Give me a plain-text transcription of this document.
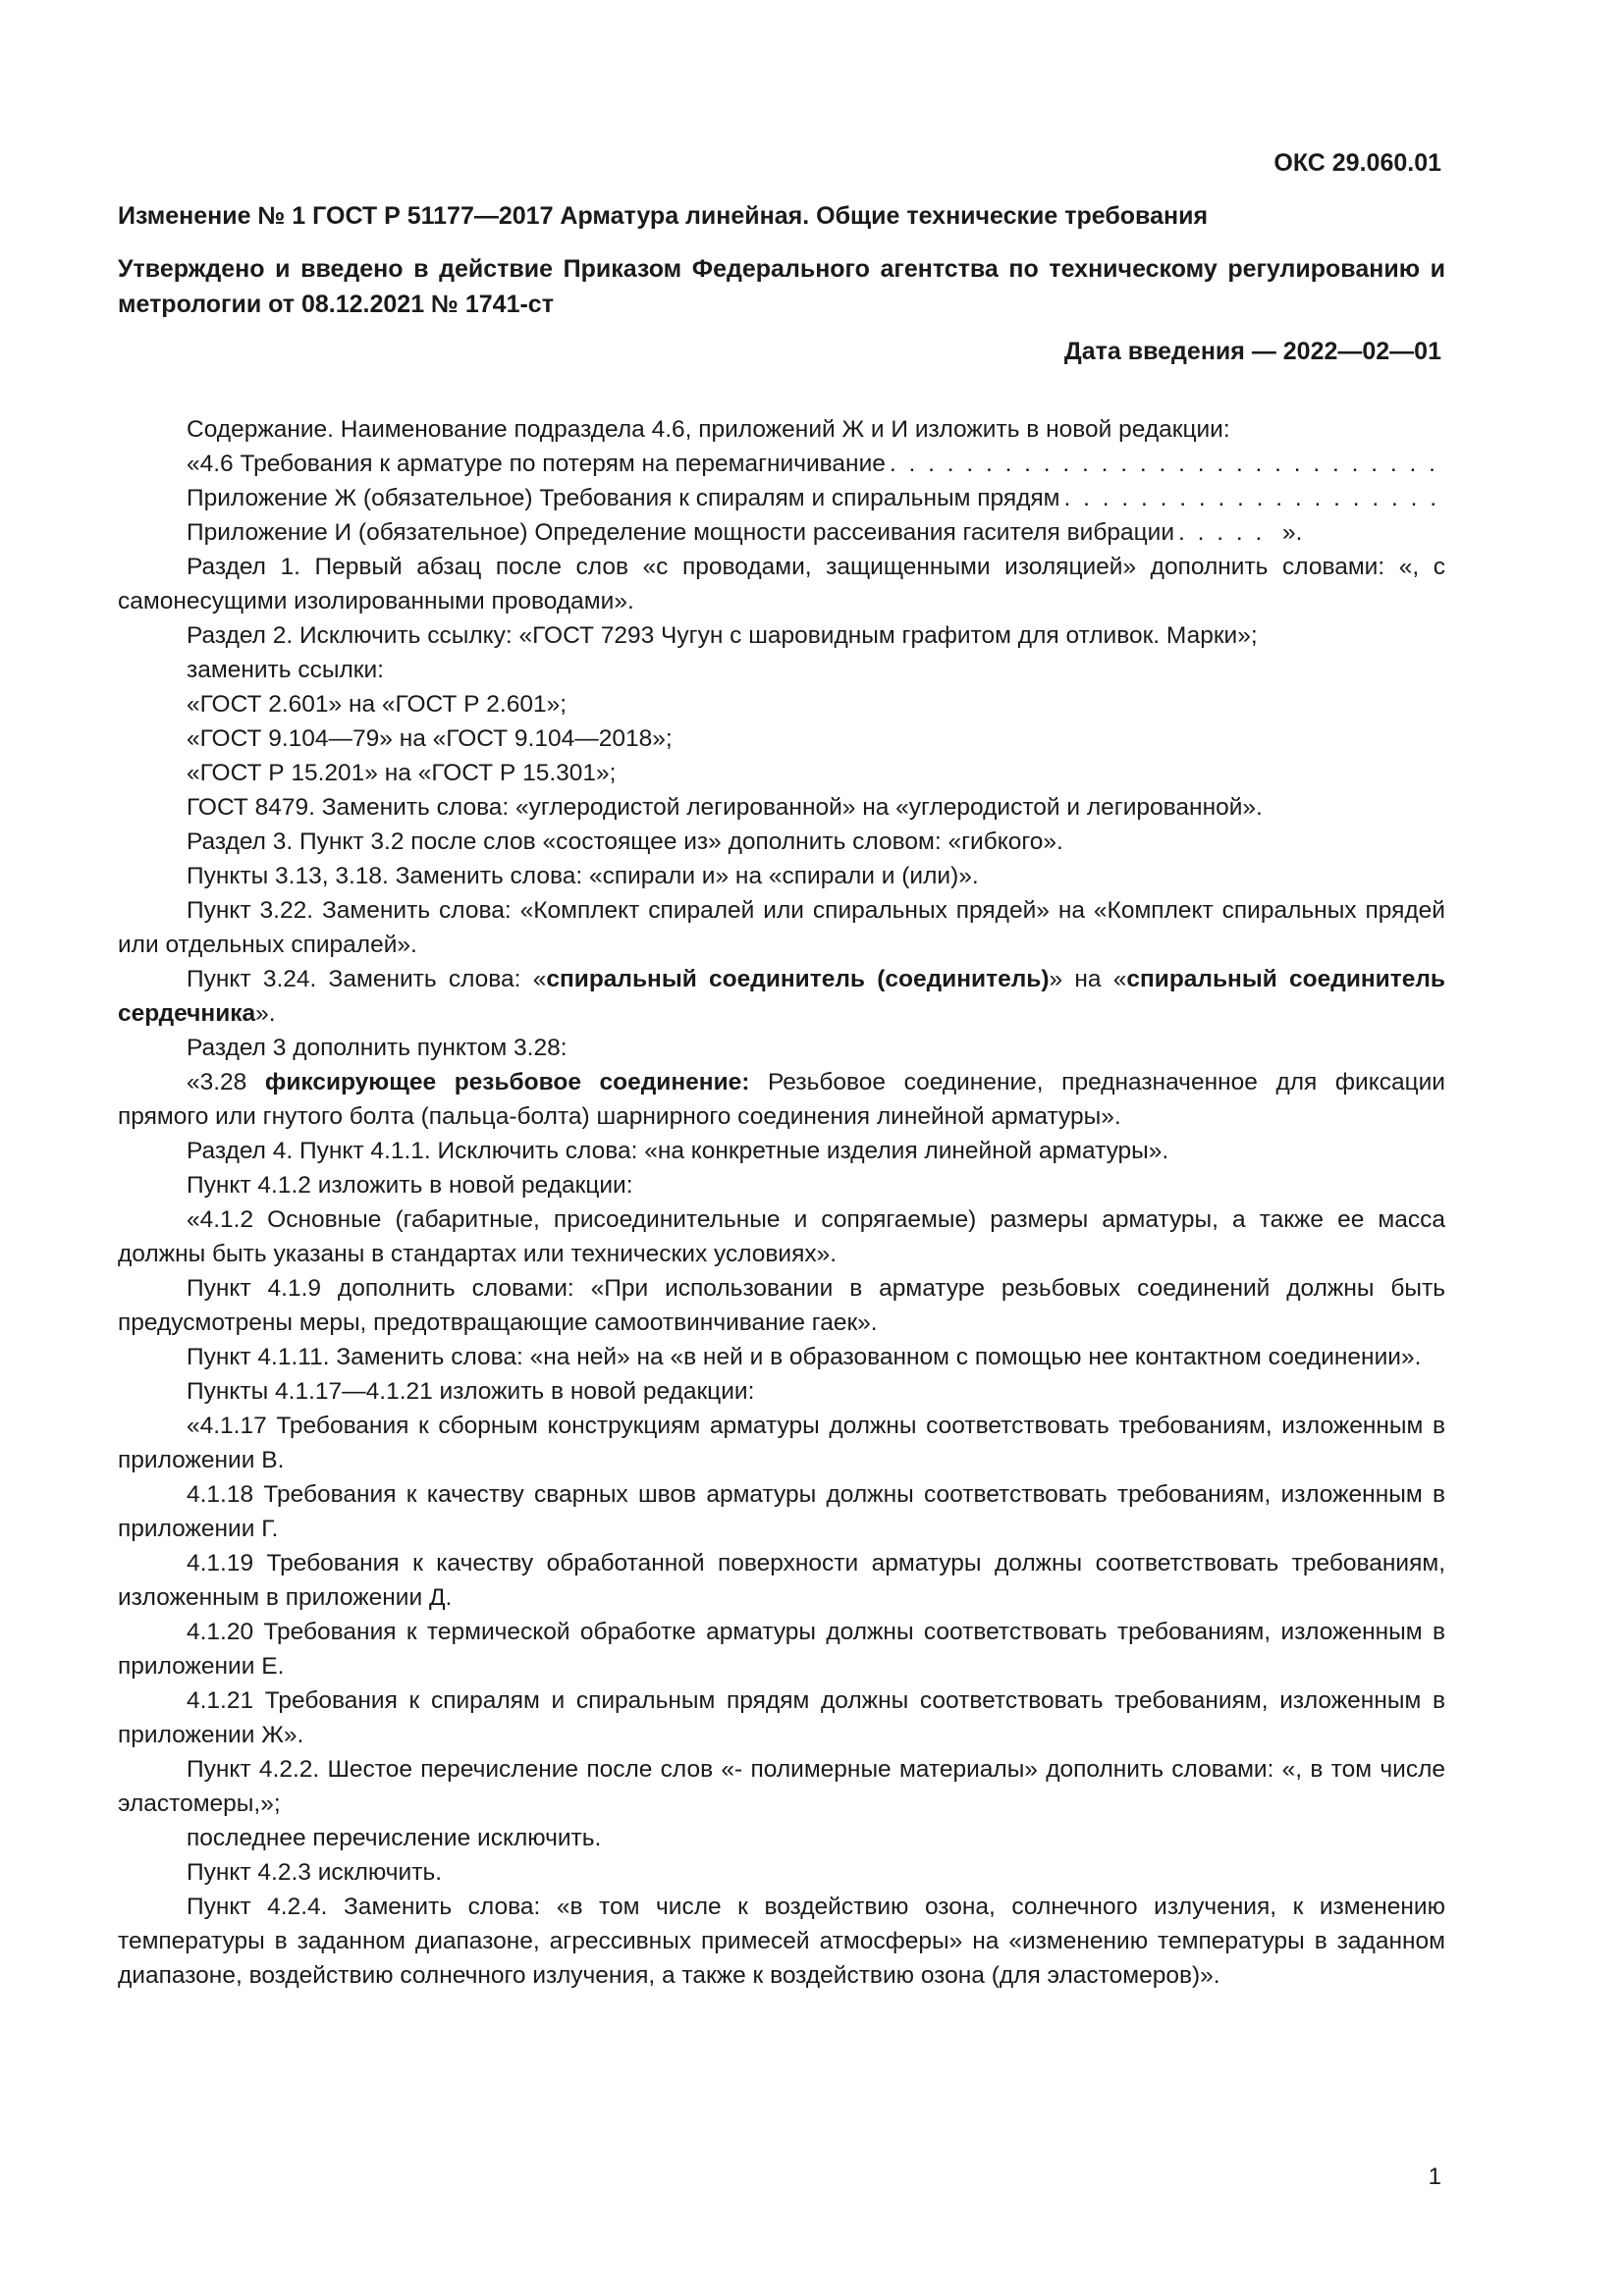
ОКС 29.060.01
Изменение № 1 ГОСТ Р 51177—2017 Арматура линейная. Общие технические требования
Утверждено и введено в действие Приказом Федерального агентства по техническому регулированию и метрологии от 08.12.2021 № 1741-ст
Дата введения — 2022—02—01

Содержание. Наименование подраздела 4.6, приложений Ж и И изложить в новой редакции:

«4.6 Требования к арматуре по потерям на перемагничивание
. . .
Приложение Ж (обязательное) Требования к спиралям и спиральным прядям
. . .
Приложение И (обязательное) Определение мощности рассеивания гасителя вибрации
. . .	».

Раздел 1. Первый абзац после слов «с проводами, защищенными изоляцией» дополнить словами: «, с самонесущими изолированными проводами».

Раздел 2. Исключить ссылку: «ГОСТ 7293 Чугун с шаровидным графитом для отливок. Марки»;

заменить ссылки:

«ГОСТ 2.601» на «ГОСТ Р 2.601»;

«ГОСТ 9.104—79» на «ГОСТ 9.104—2018»;

«ГОСТ Р 15.201» на «ГОСТ Р 15.301»;

ГОСТ 8479. Заменить слова: «углеродистой легированной» на «углеродистой и легированной».

Раздел 3. Пункт 3.2 после слов «состоящее из» дополнить словом: «гибкого».

Пункты 3.13, 3.18. Заменить слова: «спирали и» на «спирали и (или)».

Пункт 3.22. Заменить слова: «Комплект спиралей или спиральных прядей» на «Комплект спиральных прядей или отдельных спиралей».

Пункт 3.24. Заменить слова: «спиральный соединитель (соединитель)» на «спиральный соединитель сердечника».

Раздел 3 дополнить пунктом 3.28:

«3.28 фиксирующее резьбовое соединение: Резьбовое соединение, предназначенное для фиксации прямого или гнутого болта (пальца-болта) шарнирного соединения линейной арматуры».

Раздел 4. Пункт 4.1.1. Исключить слова: «на конкретные изделия линейной арматуры».

Пункт 4.1.2 изложить в новой редакции:

«4.1.2 Основные (габаритные, присоединительные и сопрягаемые) размеры арматуры, а также ее масса должны быть указаны в стандартах или технических условиях».

Пункт 4.1.9 дополнить словами: «При использовании в арматуре резьбовых соединений должны быть предусмотрены меры, предотвращающие самоотвинчивание гаек».

Пункт 4.1.11. Заменить слова: «на ней» на «в ней и в образованном с помощью нее контактном соединении».

Пункты 4.1.17—4.1.21 изложить в новой редакции:

«4.1.17 Требования к сборным конструкциям арматуры должны соответствовать требованиям, изложенным в приложении В.

4.1.18 Требования к качеству сварных швов арматуры должны соответствовать требованиям, изложенным в приложении Г.

4.1.19 Требования к качеству обработанной поверхности арматуры должны соответствовать требованиям, изложенным в приложении Д.

4.1.20 Требования к термической обработке арматуры должны соответствовать требованиям, изложенным в приложении Е.

4.1.21 Требования к спиралям и спиральным прядям должны соответствовать требованиям, изложенным в приложении Ж».

Пункт 4.2.2. Шестое перечисление после слов «- полимерные материалы» дополнить словами: «, в том числе эластомеры,»;

последнее перечисление исключить.

Пункт 4.2.3 исключить.

Пункт 4.2.4. Заменить слова: «в том числе к воздействию озона, солнечного излучения, к изменению температуры в заданном диапазоне, агрессивных примесей атмосферы» на «изменению температуры в заданном диапазоне, воздействию солнечного излучения, а также к воздействию озона (для эластомеров)».

1
